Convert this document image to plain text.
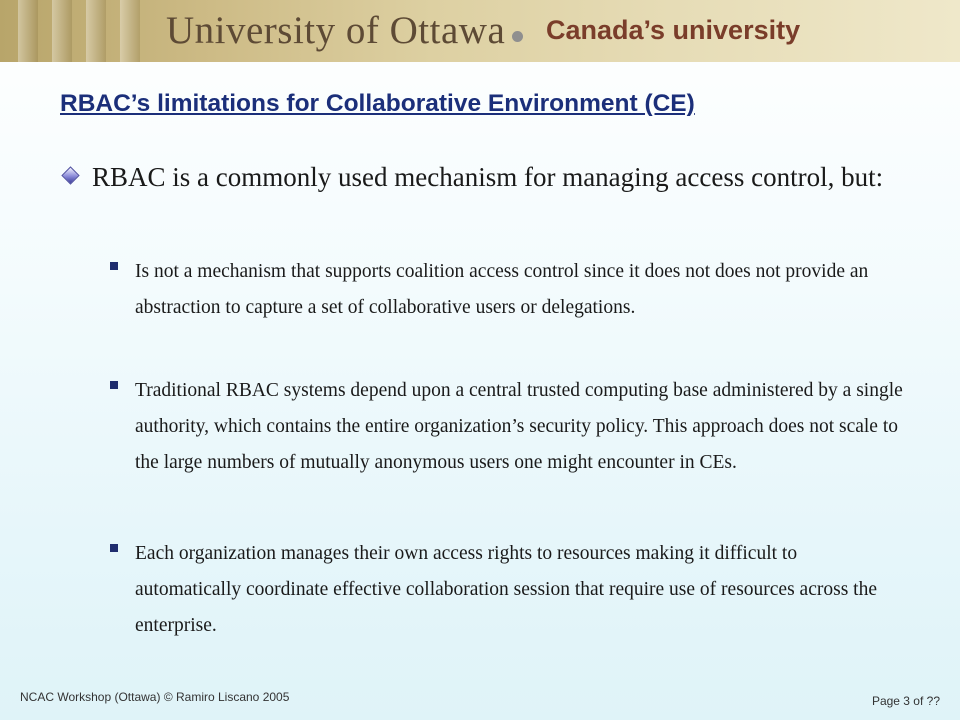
University of Ottawa Canada’s university
RBAC’s limitations for Collaborative Environment (CE)

RBAC is a commonly used mechanism for managing access control, but:

Is not a mechanism that supports coalition access control since it does not does not provide an abstraction to capture a set of collaborative users or delegations.

Traditional RBAC systems depend upon a central trusted computing base administered by a single authority, which contains the entire organization’s security policy. This approach does not scale to the large numbers of mutually anonymous users one might encounter in CEs.

Each organization manages their own access rights to resources making it difficult to automatically coordinate effective collaboration session that require use of resources across the enterprise.

NCAC Workshop (Ottawa) © Ramiro Liscano 2005	Page 3 of ??
